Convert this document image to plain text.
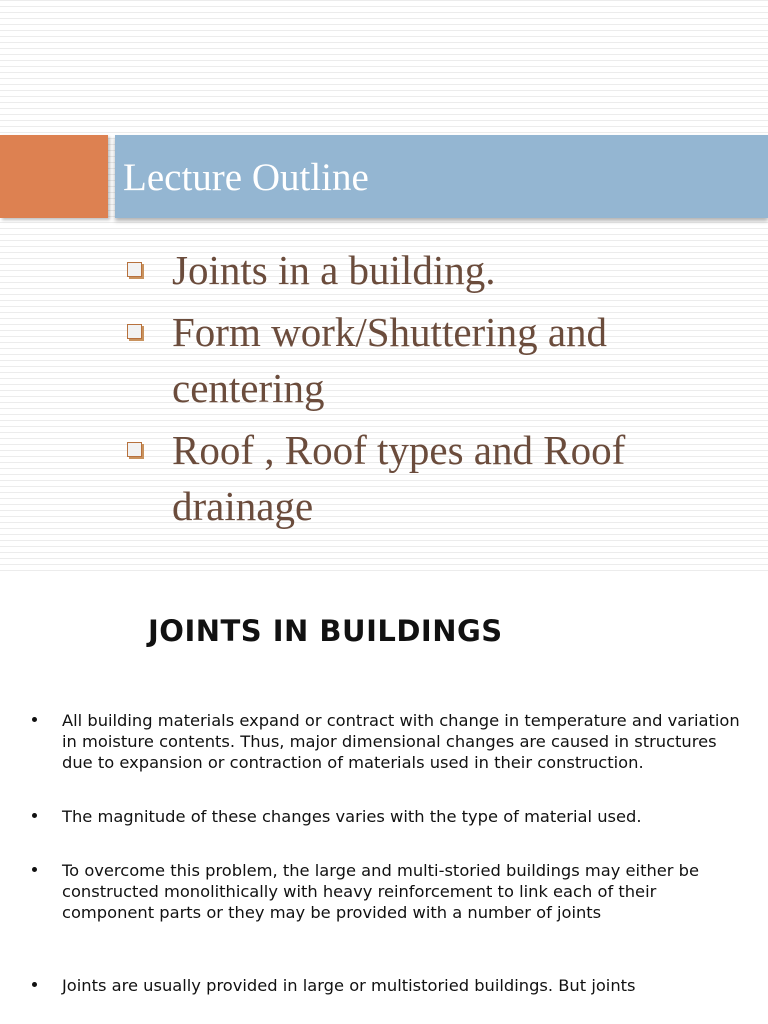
Lecture Outline
Joints in a building.
Form work/Shuttering and centering
Roof , Roof types and Roof drainage
JOINTS IN BUILDINGS
All building materials expand or contract with change in temperature and variation in moisture contents. Thus, major dimensional changes are caused in structures due to expansion or contraction of materials used in their construction.
The magnitude of these changes varies with the type of material used.
To overcome this problem, the large and multi-storied buildings may either be constructed monolithically with heavy reinforcement to link each of their component parts or they may be provided with a number of joints
Joints are usually provided in large or multistoried buildings. But joints
